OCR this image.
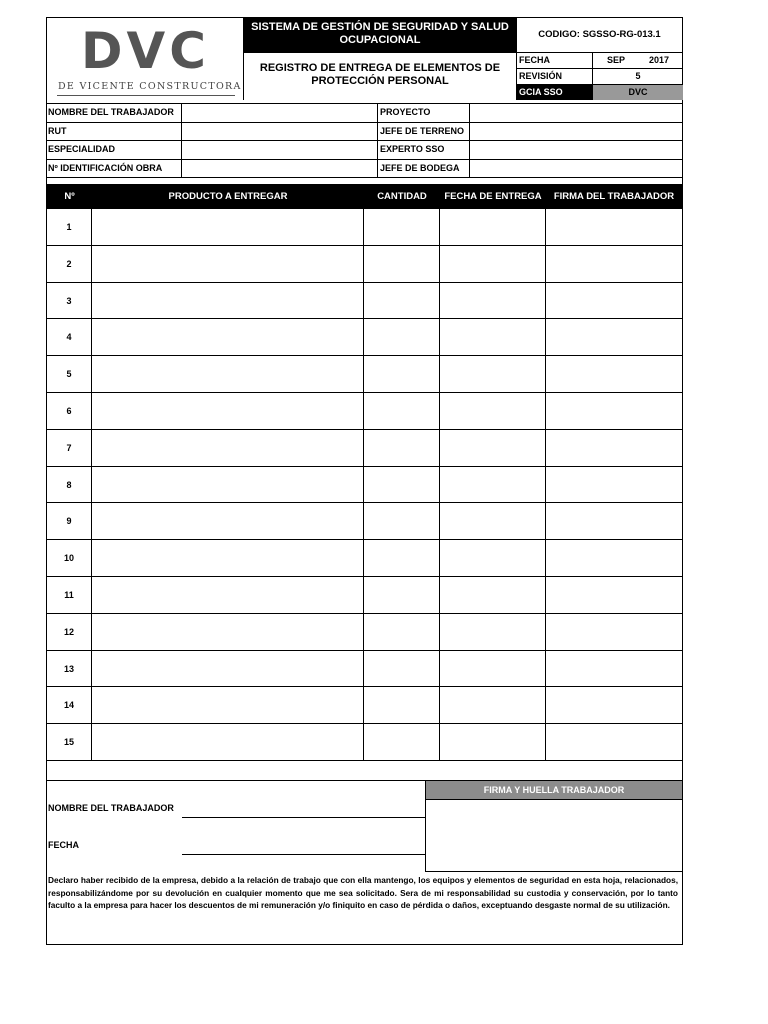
DVC
DE VICENTE CONSTRUCTORA
SISTEMA DE GESTIÓN DE SEGURIDAD Y SALUD OCUPACIONAL
REGISTRO DE ENTREGA DE ELEMENTOS DE PROTECCIÓN PERSONAL
CODIGO: SGSSO-RG-013.1
FECHA	SEP	2017
REVISIÓN	5
GCIA SSO	DVC
NOMBRE DEL TRABAJADOR	PROYECTO
RUT	JEFE DE TERRENO
ESPECIALIDAD	EXPERTO SSO
Nº IDENTIFICACIÓN OBRA	JEFE DE BODEGA
Nº	PRODUCTO A ENTREGAR	CANTIDAD	FECHA DE ENTREGA	FIRMA DEL TRABAJADOR
1
2
3
4
5
6
7
8
9
10
11
12
13
14
15
FIRMA Y HUELLA TRABAJADOR
NOMBRE DEL TRABAJADOR
FECHA
Declaro haber recibido de la empresa, debido a la relación de trabajo que con ella mantengo, los equipos y elementos de seguridad en esta hoja, relacionados, responsabilizándome por su devolución en cualquier momento que me sea solicitado. Sera de mi responsabilidad su custodia y conservación, por lo tanto faculto a la empresa para hacer los descuentos de mi remuneración y/o finiquito en caso de pérdida o daños, exceptuando desgaste normal de su utilización.
